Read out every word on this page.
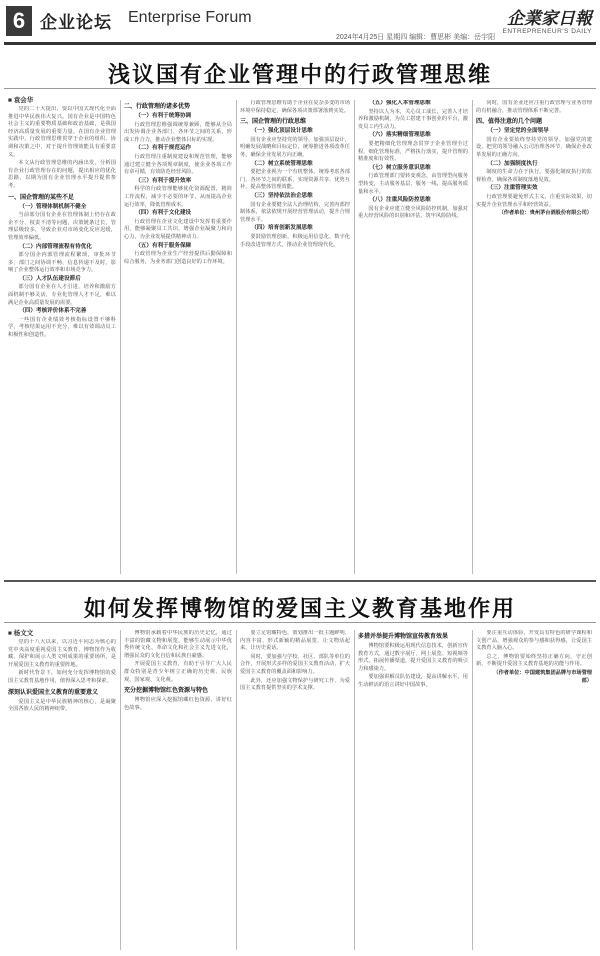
6 企业论坛 Enterprise Forum
2024年4月25日 星期四 编辑：曹思彬 美编：岳宇阳
企業家日報
ENTREPRENEUR'S DAILY
浅议国有企业管理中的行政管理思维
■ 袁会华

党的二十大提出，要以中国式现代化全面推进中华民族伟大复兴。国有企业是中国特色社会主义的重要物质基础和政治基础，是我国经济高质量发展的重要力量。在国有企业管理实践中，行政管理思维贯穿于企业的组织、协调和决策之中，对于提升管理效能具有重要意义。

本文从行政管理思维的内涵出发，分析国有企业行政管理存在的问题，提出相应的优化思路，以期为国有企业管理水平提升提供参考。

一、国企管理的某些不足

（一）管理体制机制不健全

当前部分国有企业在管理体制上仍存在政企不分、权责不清等问题，决策链条过长，管理层级较多，导致企业对市场变化反应迟缓，管理效率偏低。

（二）内部管理流程有待优化

部分国企内部管理流程繁琐，审批环节多，部门之间协调不畅，信息传递不及时，影响了企业整体运行效率和市场竞争力。

（三）人才队伍建设滞后

部分国有企业在人才引进、培养和激励方面机制不够灵活，专业化管理人才不足，难以满足企业高质量发展的需要。

（四）考核评价体系不完善

一些国有企业绩效考核指标设置不够科学，考核结果运用不充分，难以有效调动员工积极性和创造性。

二、行政管理的诸多优势

（一）有利于统筹协调

行政管理思维强调统筹兼顾，能够从全局出发协调企业各部门、各环节之间的关系，形成工作合力，推动企业整体目标的实现。

（二）有利于规范运作

行政管理注重制度建设和规范管理，能够通过建立健全各项规章制度，使企业各项工作有章可循，有效防范经营风险。

（三）有利于提升效率

科学的行政管理能够优化资源配置，精简工作流程，减少不必要的环节，从而提高企业运行效率，降低管理成本。

（四）有利于文化建设

行政管理在企业文化建设中发挥着重要作用，能够凝聚员工共识，增强企业凝聚力和向心力，为企业发展提供精神动力。

（五）有利于服务保障

行政管理为企业生产经营提供后勤保障和综合服务，为业务部门创造良好的工作环境。

行政管理思维有助于企业在复杂多变的市场环境中保持稳定，确保各项决策部署落到实处。

三、国企管理的行政思维

（一）强化顶层设计思维

国有企业应坚持党的领导，加强顶层设计，明确发展战略和目标定位，统筹推进各项改革任务，确保企业发展方向正确。

（二）树立系统管理思维

要把企业视为一个有机整体，统筹考虑各部门、各环节之间的联系，实现资源共享、优势互补，提高整体管理效能。

（三）坚持依法治企思维

国有企业要健全法人治理结构，完善内部控制体系，依法依规开展经营管理活动，提升合规管理水平。

（四）培育创新发展思维

要鼓励管理创新，积极运用信息化、数字化手段改进管理方式，推动企业管理现代化。

（五）强化人本管理思维

坚持以人为本，关心员工成长，完善人才培养和激励机制，为员工搭建干事创业的平台，激发员工内生动力。

（六）落实精细管理思维

要把精细化管理理念贯穿于企业管理全过程，细化管理标准，严格执行落实，提升管理的精准度和有效性。

（七）树立服务意识思维

行政管理部门要转变观念，由管理型向服务型转变，主动服务基层、服务一线，提高服务质量和水平。

（八）注重风险防控思维

国有企业应建立健全风险防控机制，加强对重大经营风险的识别和评估，筑牢风险防线。

同时，国有企业还应注重行政管理与业务管理的有机融合，推动管理体系不断完善。

四、值得注意的几个问题

（一）坚定党的全面领导

国有企业要始终坚持党的领导、加强党的建设，把党的领导融入公司治理各环节，确保企业改革发展的正确方向。

（二）加强制度执行

制度的生命力在于执行。要强化制度执行的监督检查，确保各项制度落地见效。

（三）注重管理实效

行政管理要避免形式主义，注重实际效果，切实提升企业管理水平和经营效益。

（作者单位：贵州茅台酒股份有限公司）

如何发挥博物馆的爱国主义教育基地作用
■ 杨文文

党的十八大以来，以习近平同志为核心的党中央高度重视爱国主义教育。博物馆作为收藏、保护和展示人类文明成果的重要场所，是开展爱国主义教育的重要阵地。

新时代背景下，如何充分发挥博物馆的爱国主义教育基地作用，值得深入思考和探索。

深刻认识爱国主义教育的重要意义

爱国主义是中华民族精神的核心，是凝聚全国各族人民的精神纽带。

博物馆承载着中华民族的历史记忆，通过丰富的馆藏文物和展览，能够生动展示中华优秀传统文化、革命文化和社会主义先进文化，增强民众的文化自信和民族自豪感。

开展爱国主义教育，有助于引导广大人民群众特别是青少年树立正确的历史观、民族观、国家观、文化观。

充分挖掘博物馆红色资源与特色

博物馆应深入挖掘馆藏红色资源，讲好红色故事。

要立足馆藏特色，策划推出一批主题鲜明、内容丰富、形式新颖的精品展览，让文物活起来，让历史说话。

同时，要加强与学校、社区、部队等单位的合作，开展形式多样的爱国主义教育活动，扩大爱国主义教育的覆盖面和影响力。

此外，还应加强文物保护与研究工作，为爱国主义教育提供坚实的学术支撑。

多措并举提升博物馆宣传教育效果

博物馆要积极运用现代信息技术，创新宣传教育方式，通过数字展厅、网上展览、短视频等形式，拓展传播渠道，提升爱国主义教育的吸引力和感染力。

要加强讲解员队伍建设，提高讲解水平，用生动鲜活的语言讲好中国故事。

要注重互动体验，开发具有特色的研学课程和文创产品，增强观众的参与感和获得感，让爱国主义教育入脑入心。

总之，博物馆要始终坚持正确方向，守正创新，不断提升爱国主义教育基地的功能与作用。

（作者单位：中国建筑集团品牌与市场管理部）
